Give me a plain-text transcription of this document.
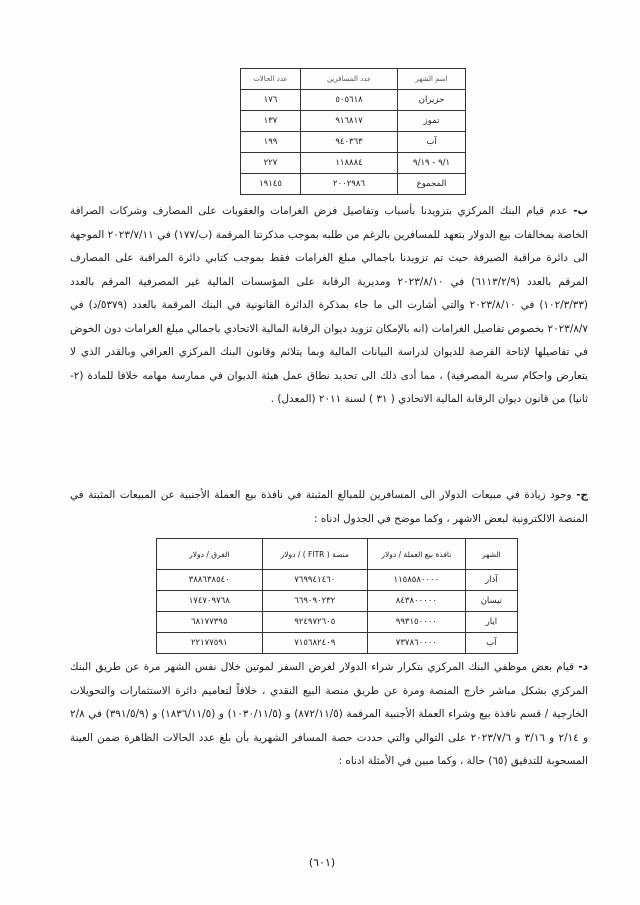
اسم الشهر	عدد المسافرين	عدد الحالات
حزيران	٥٠٥٦١٨	١٧٦
تموز	٩١٦٨١٧	١٣٧
آب	٩٤٠٣٦٣	١٩٩
٩/١ - ٩/١٩	١١٨٨٨٤	٢٢٧
المجموع	٢٠٠٢٩٨٦	١٩١٤٥
ب- عدم قيام البنك المركزي بتزويدنا بأسباب وتفاصيل فرض الغرامات والعقوبات على المصارف وشركات الصرافة الخاصة بمخالفات بيع الدولار بتعهد للمسافرين بالرغم من طلبه بموجب مذكرتنا المرقمة (ب/١٧٧) في ٢٠٢٣/٧/١١ الموجهة الى دائرة مراقبة الصيرفة حيث تم تزويدنا باجمالي مبلغ الغرامات فقط بموجب كتابي دائرة المراقبة على المصارف المرقم بالعدد (٦١١٣/٢/٩) في ٢٠٢٣/٨/١٠ ومديرية الرقابة على المؤسسات المالية غير المصرفية المرقم بالعدد (١٠٢/٣/٣٣) في ٢٠٢٣/٨/١٠ والتي أشارت الى ما جاء بمذكرة الدائرة القانونية في البنك المرقمة بالعدد (٥٣٧٩/د) في ٢٠٢٣/٨/٧ بخصوص تفاصيل الغرامات (انه بالإمكان تزويد ديوان الرقابة المالية الاتحادي باجمالي مبلغ الغرامات دون الخوض في تفاصيلها لإتاحة الفرصة للديوان لدراسة البيانات المالية وبما يتلائم وقانون البنك المركزي العراقي وبالقدر الذي لا يتعارض واحكام سرية المصرفية) ، مما أدى ذلك الى تحديد نطاق عمل هيئة الديوان في ممارسة مهامه خلافا للمادة (٢-ثانيا) من قانون ديوان الرقابة المالية الاتحادي ( ٣١ ) لسنة ٢٠١١ (المعدل) .
ج- وجود زيادة في مبيعات الدولار الى المسافرين للمبالغ المثبتة في نافذة بيع العملة الأجنبية عن المبيعات المثبتة في المنصة الالكترونية لبعض الاشهر ، وكما موضح في الجدول ادناه :
الشهر	نافذة بيع العملة / دولار	منصة ( FITR ) / دولار	الفرق / دولار
آذار	١١٥٨٥٨٠٠٠٠	٧٦٩٩٤١٤٦٠	٣٨٨٦٣٨٥٤٠
نيسان	٨٤٣٨٠٠٠٠٠	٦٦٩٠٩٠٢٣٢	١٧٤٧٠٩٧٦٨
ايار	٩٩٣١٥٠٠٠٠	٩٢٤٩٧٢٦٠٥	٦٨١٧٧٣٩٥
آب	٧٣٧٨٦٠٠٠٠	٧١٥٦٨٢٤٠٩	٢٢١٧٧٥٩١
د- قيام بعض موظفي البنك المركزي بتكرار شراء الدولار لغرض السفر لموتين خلال نفس الشهر مرة عن طريق البنك المركزي بشكل مباشر خارج المنصة ومرة عن طريق منصة البيع النقدي ، خلافاً لتعاميم دائرة الاستثمارات والتحويلات الخارجية / قسم نافذة بيع وشراء العملة الأجنبية المرقمة (٨٧٢/١١/٥) و (١٠٣٠/١١/٥) و (١٨٣٦/١١/٥) و (٣٩١/٥/٩) في ٢/٨ و ٢/١٤ و ٣/١٦ و ٢٠٢٣/٧/٦ على التوالي والتي حددت حصة المسافر الشهرية بأن بلغ عدد الحالات الظاهرة ضمن العينة المسحوبة للتدقيق (٦٥) حالة ، وكما مبين في الأمثلة ادناه :
(٦٠١)
